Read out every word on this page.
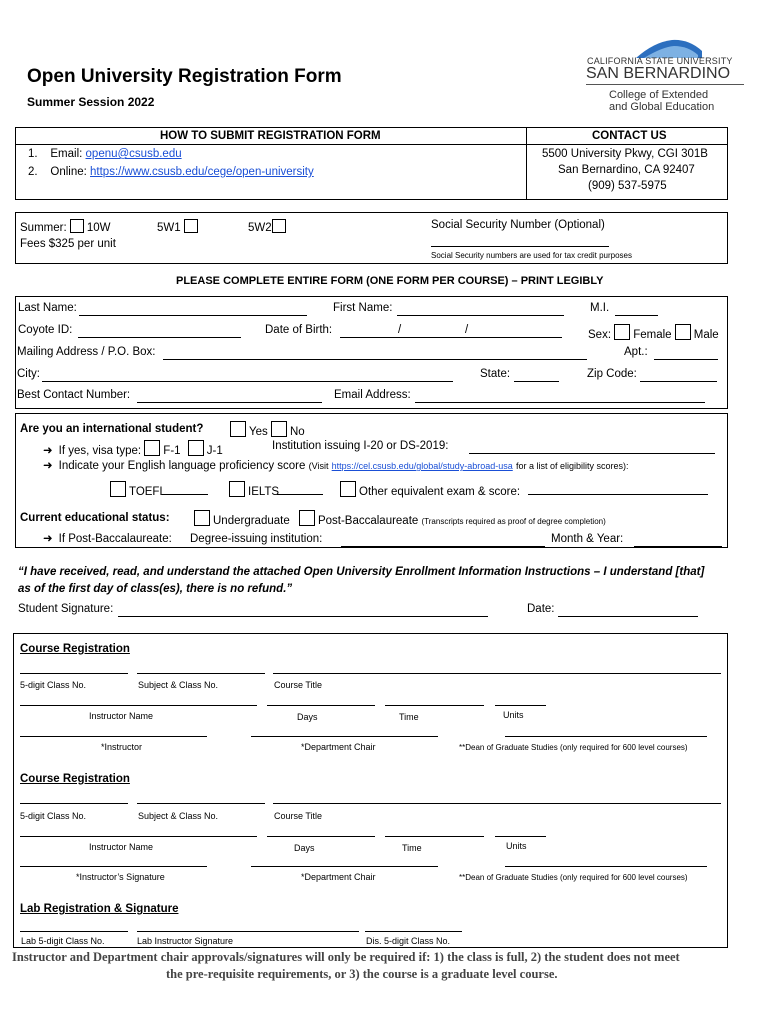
Open University Registration Form
Summer Session 2022
CALIFORNIA STATE UNIVERSITY
SAN BERNARDINO
College of Extended
and Global Education
HOW TO SUBMIT REGISTRATION FORM
1. Email: openu@csusb.edu
2. Online: https://www.csusb.edu/cege/open-university
CONTACT US
5500 University Pkwy, CGI 301B
San Bernardino, CA 92407
(909) 537-5975
Summer: 10W	5W1	5W2
Fees $325 per unit
Social Security Number (Optional)
Social Security numbers are used for tax credit purposes
PLEASE COMPLETE ENTIRE FORM (ONE FORM PER COURSE) – PRINT LEGIBLY
Last Name:	First Name:	M.I.
Coyote ID:	Date of Birth:	/	/	Sex: Female Male
Mailing Address / P.O. Box:	Apt.:
City:	State:	Zip Code:
Best Contact Number:	Email Address:
Are you an international student?	Yes No
➜ If yes, visa type: F-1 J-1	Institution issuing I-20 or DS-2019:
➜ Indicate your English language proficiency score (Visit https://cel.csusb.edu/global/study-abroad-usa for a list of eligibility scores):
TOEFL	IELTS	Other equivalent exam & score:
Current educational status:	Undergraduate Post-Baccalaureate (Transcripts required as proof of degree completion)
➜ If Post-Baccalaureate: Degree-issuing institution:	Month & Year:
“I have received, read, and understand the attached Open University Enrollment Information Instructions – I understand [that]
as of the first day of class(es), there is no refund.”
Student Signature:	Date:
Course Registration
5-digit Class No.	Subject & Class No.	Course Title
Instructor Name	Days	Time	Units
*Instructor	*Department Chair	**Dean of Graduate Studies (only required for 600 level courses)
Course Registration
5-digit Class No.	Subject & Class No.	Course Title
Instructor Name	Days	Time	Units
*Instructor’s Signature	*Department Chair	**Dean of Graduate Studies (only required for 600 level courses)
Lab Registration & Signature
Lab 5-digit Class No.	Lab Instructor Signature	Dis. 5-digit Class No.
Instructor and Department chair approvals/signatures will only be required if: 1) the class is full, 2) the student does not meet
the pre-requisite requirements, or 3) the course is a graduate level course.
